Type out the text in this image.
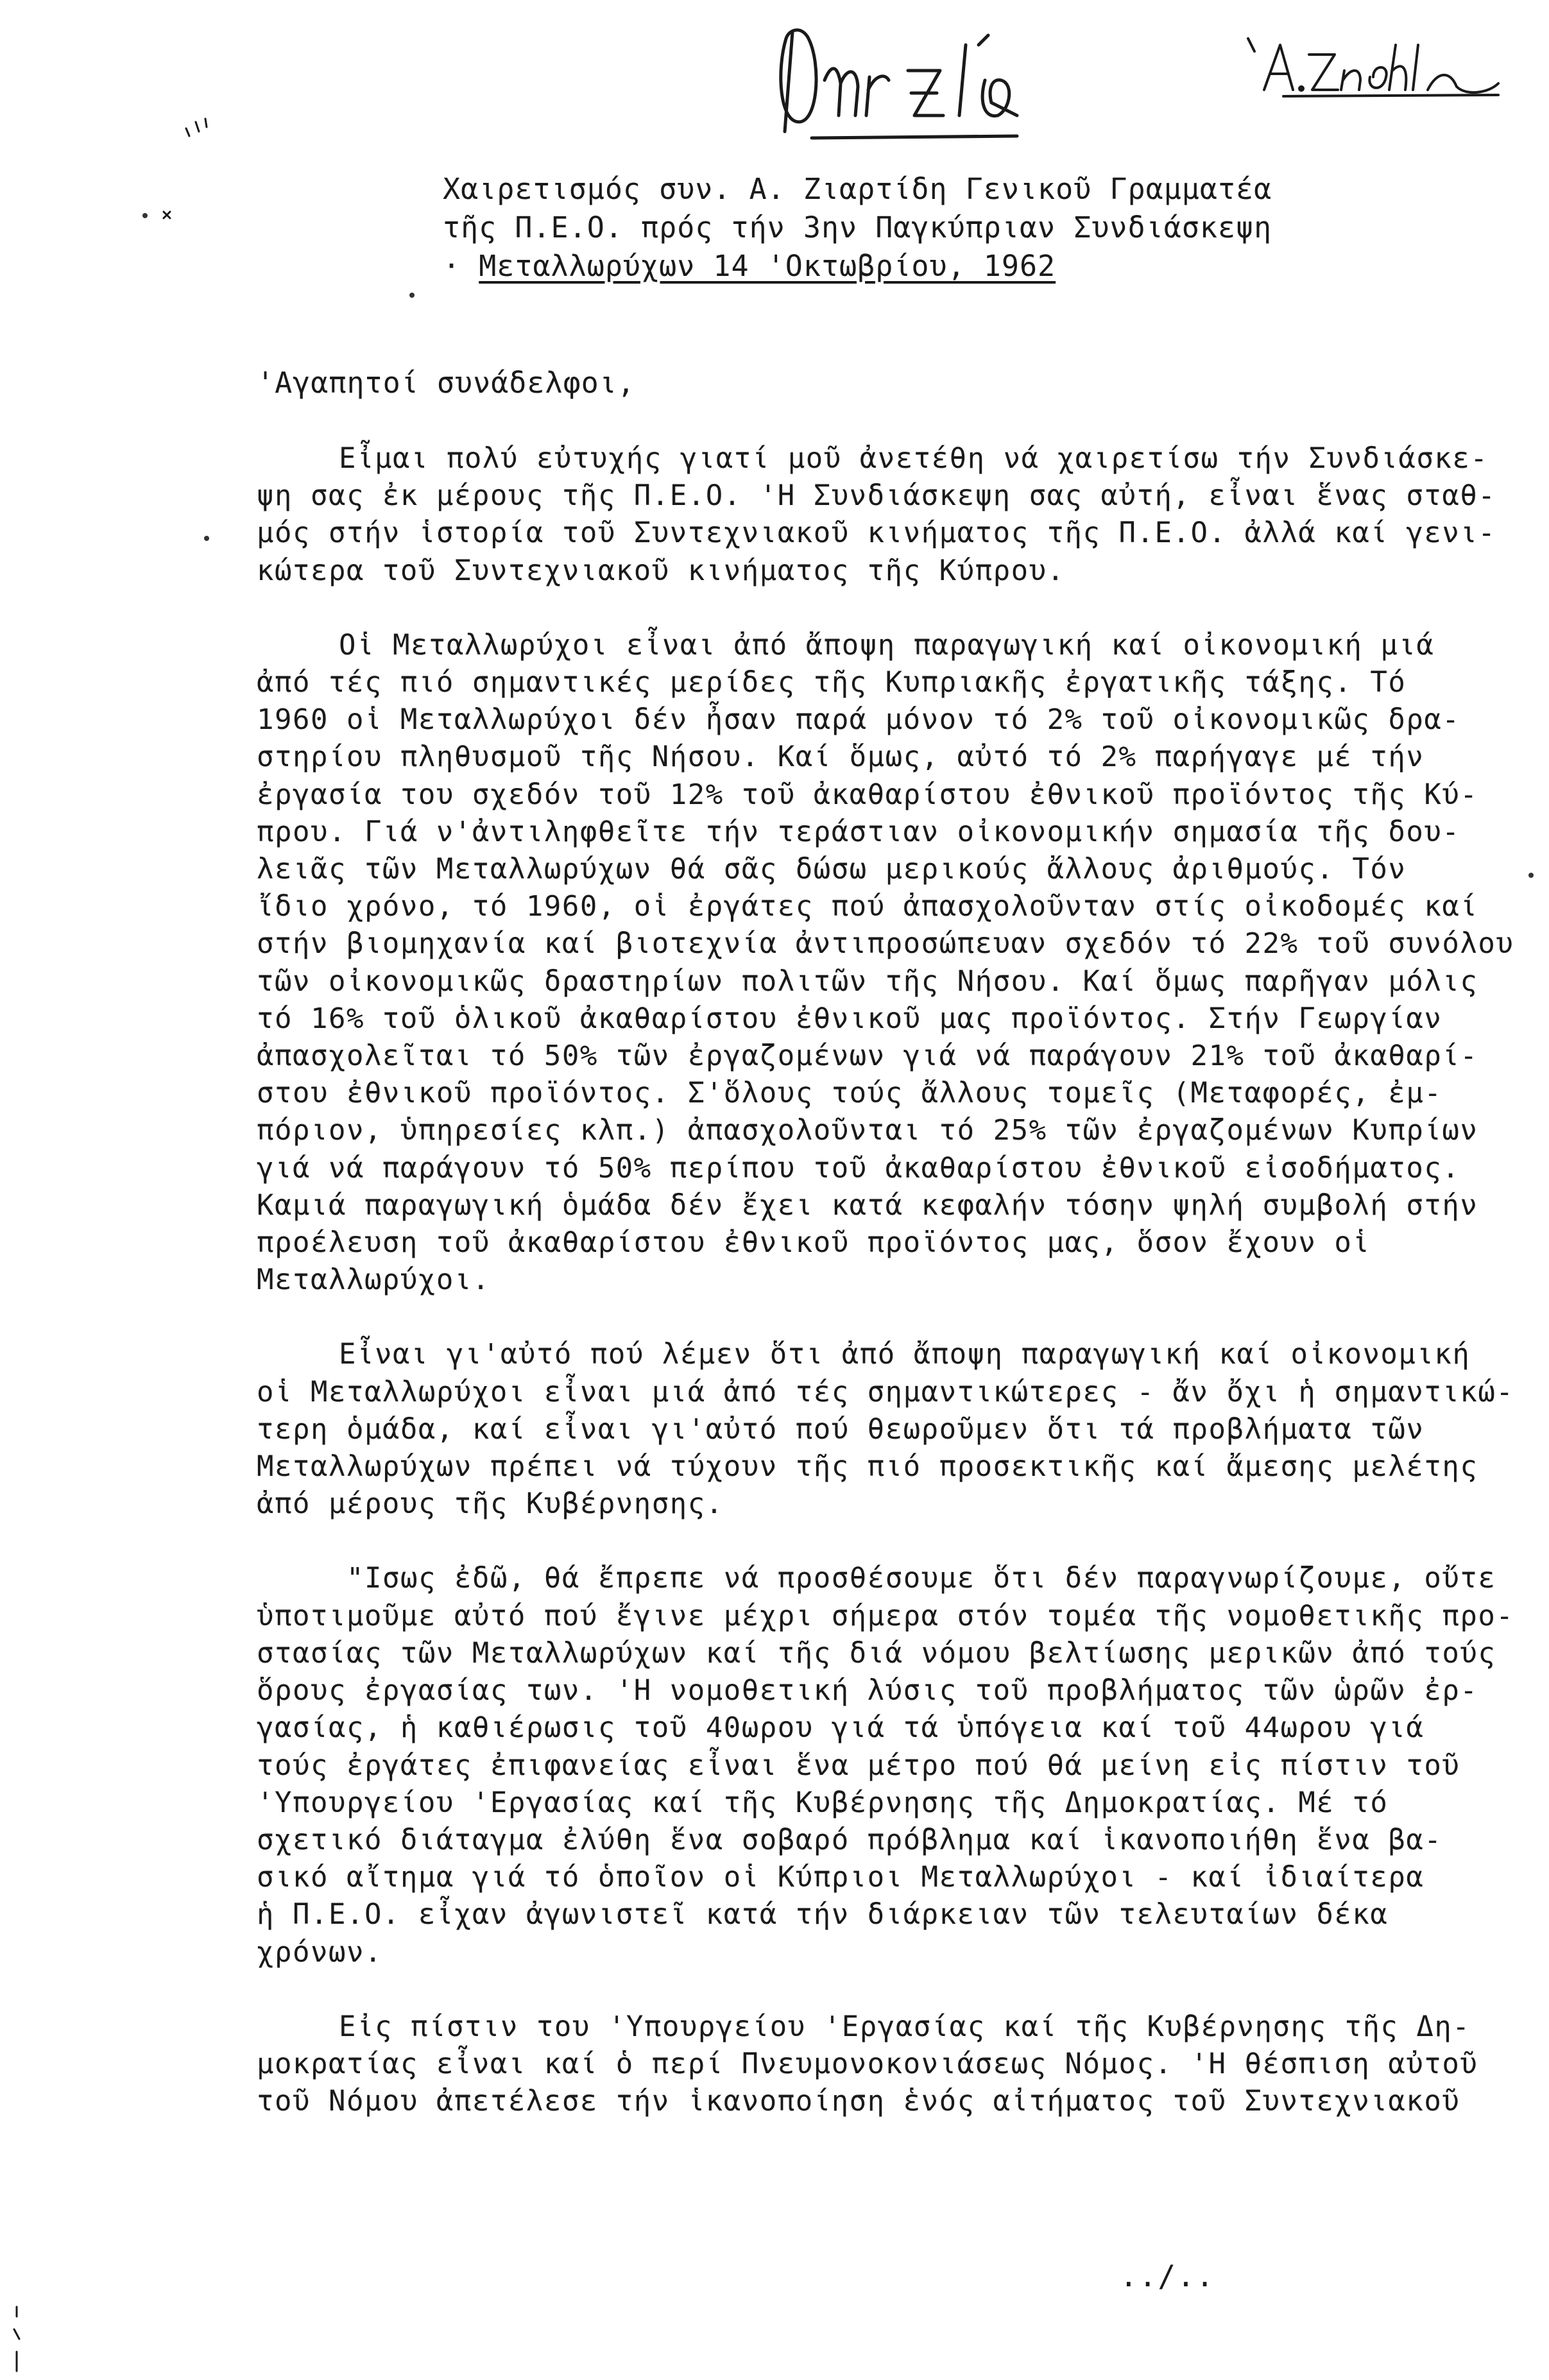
Χαιρετισμός συν. Α. Ζιαρτίδη Γενικοῦ Γραμματέα
τῆς Π.Ε.Ο. πρός τήν 3ην Παγκύπριαν Συνδιάσκεψη
· Μεταλλωρύχων 14 'Οκτωβρίου, 1962
'Αγαπητοί συνάδελφοι,
Εἶμαι πολύ εὐτυχής γιατί μοῦ ἀνετέθη νά χαιρετίσω τήν Συνδιάσκε-
ψη σας ἐκ μέρους τῆς Π.Ε.Ο. 'Η Συνδιάσκεψη σας αὐτή, εἶναι ἕνας σταθ-
μός στήν ἱστορία τοῦ Συντεχνιακοῦ κινήματος τῆς Π.Ε.Ο. ἀλλά καί γενι-
κώτερα τοῦ Συντεχνιακοῦ κινήματος τῆς Κύπρου.
Οἱ Μεταλλωρύχοι εἶναι ἀπό ἄποψη παραγωγική καί οἰκονομική μιά
ἀπό τές πιό σημαντικές μερίδες τῆς Κυπριακῆς ἐργατικῆς τάξης. Τό
1960 οἱ Μεταλλωρύχοι δέν ἦσαν παρά μόνον τό 2% τοῦ οἰκονομικῶς δρα-
στηρίου πληθυσμοῦ τῆς Νήσου. Καί ὅμως, αὐτό τό 2% παρήγαγε μέ τήν
ἐργασία του σχεδόν τοῦ 12% τοῦ ἀκαθαρίστου ἐθνικοῦ προϊόντος τῆς Κύ-
πρου. Γιά ν'ἀντιληφθεῖτε τήν τεράστιαν οἰκονομικήν σημασία τῆς δου-
λειᾶς τῶν Μεταλλωρύχων θά σᾶς δώσω μερικούς ἄλλους ἀριθμούς. Τόν
ἴδιο χρόνο, τό 1960, οἱ ἐργάτες πού ἀπασχολοῦνταν στίς οἰκοδομές καί
στήν βιομηχανία καί βιοτεχνία ἀντιπροσώπευαν σχεδόν τό 22% τοῦ συνόλου
τῶν οἰκονομικῶς δραστηρίων πολιτῶν τῆς Νήσου. Καί ὅμως παρῆγαν μόλις
τό 16% τοῦ ὁλικοῦ ἀκαθαρίστου ἐθνικοῦ μας προϊόντος. Στήν Γεωργίαν
ἀπασχολεῖται τό 50% τῶν ἐργαζομένων γιά νά παράγουν 21% τοῦ ἀκαθαρί-
στου ἐθνικοῦ προϊόντος. Σ'ὅλους τούς ἄλλους τομεῖς (Μεταφορές, ἐμ-
πόριον, ὑπηρεσίες κλπ.) ἀπασχολοῦνται τό 25% τῶν ἐργαζομένων Κυπρίων
γιά νά παράγουν τό 50% περίπου τοῦ ἀκαθαρίστου ἐθνικοῦ εἰσοδήματος.
Καμιά παραγωγική ὁμάδα δέν ἔχει κατά κεφαλήν τόσην ψηλή συμβολή στήν
προέλευση τοῦ ἀκαθαρίστου ἐθνικοῦ προϊόντος μας, ὅσον ἔχουν οἱ
Μεταλλωρύχοι.
Εἶναι γι'αὐτό πού λέμεν ὅτι ἀπό ἄποψη παραγωγική καί οἰκονομική
οἱ Μεταλλωρύχοι εἶναι μιά ἀπό τές σημαντικώτερες - ἄν ὄχι ἡ σημαντικώ-
τερη ὁμάδα, καί εἶναι γι'αὐτό πού θεωροῦμεν ὅτι τά προβλήματα τῶν
Μεταλλωρύχων πρέπει νά τύχουν τῆς πιό προσεκτικῆς καί ἄμεσης μελέτης
ἀπό μέρους τῆς Κυβέρνησης.
"Ισως ἐδῶ, θά ἔπρεπε νά προσθέσουμε ὅτι δέν παραγνωρίζουμε, οὔτε
ὑποτιμοῦμε αὐτό πού ἔγινε μέχρι σήμερα στόν τομέα τῆς νομοθετικῆς προ-
στασίας τῶν Μεταλλωρύχων καί τῆς διά νόμου βελτίωσης μερικῶν ἀπό τούς
ὅρους ἐργασίας των. 'Η νομοθετική λύσις τοῦ προβλήματος τῶν ὡρῶν ἐρ-
γασίας, ἡ καθιέρωσις τοῦ 40ωρου γιά τά ὑπόγεια καί τοῦ 44ωρου γιά
τούς ἐργάτες ἐπιφανείας εἶναι ἕνα μέτρο πού θά μείνη εἰς πίστιν τοῦ
'Υπουργείου 'Εργασίας καί τῆς Κυβέρνησης τῆς Δημοκρατίας. Μέ τό
σχετικό διάταγμα ἐλύθη ἕνα σοβαρό πρόβλημα καί ἱκανοποιήθη ἕνα βα-
σικό αἴτημα γιά τό ὁποῖον οἱ Κύπριοι Μεταλλωρύχοι - καί ἰδιαίτερα
ἡ Π.Ε.Ο. εἶχαν ἀγωνιστεῖ κατά τήν διάρκειαν τῶν τελευταίων δέκα
χρόνων.
Εἰς πίστιν του 'Υπουργείου 'Εργασίας καί τῆς Κυβέρνησης τῆς Δη-
μοκρατίας εἶναι καί ὁ περί Πνευμονοκονιάσεως Νόμος. 'Η θέσπιση αὐτοῦ
τοῦ Νόμου ἀπετέλεσε τήν ἱκανοποίηση ἑνός αἰτήματος τοῦ Συντεχνιακοῦ
../..
